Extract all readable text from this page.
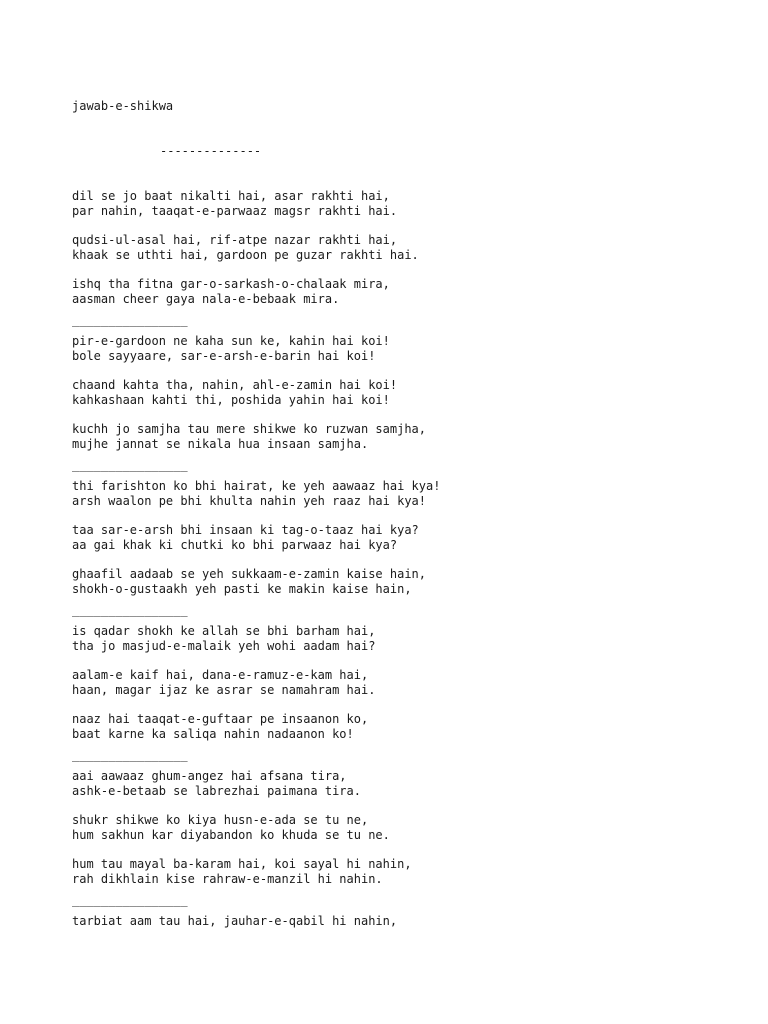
jawab-e-shikwa

--------------

dil se jo baat nikalti hai, asar rakhti hai,
par nahin, taaqat-e-parwaaz magsr rakhti hai.
qudsi-ul-asal hai, rif-atpe nazar rakhti hai,
khaak se uthti hai, gardoon pe guzar rakhti hai.
ishq tha fitna gar-o-sarkash-o-chalaak mira,
aasman cheer gaya nala-e-bebaak mira.
________________
pir-e-gardoon ne kaha sun ke, kahin hai koi!
bole sayyaare, sar-e-arsh-e-barin hai koi!
chaand kahta tha, nahin, ahl-e-zamin hai koi!
kahkashaan kahti thi, poshida yahin hai koi!
kuchh jo samjha tau mere shikwe ko ruzwan samjha,
mujhe jannat se nikala hua insaan samjha.
________________
thi farishton ko bhi hairat, ke yeh aawaaz hai kya!
arsh waalon pe bhi khulta nahin yeh raaz hai kya!
taa sar-e-arsh bhi insaan ki tag-o-taaz hai kya?
aa gai khak ki chutki ko bhi parwaaz hai kya?
ghaafil aadaab se yeh sukkaam-e-zamin kaise hain,
shokh-o-gustaakh yeh pasti ke makin kaise hain,
________________
is qadar shokh ke allah se bhi barham hai,
tha jo masjud-e-malaik yeh wohi aadam hai?
aalam-e kaif hai, dana-e-ramuz-e-kam hai,
haan, magar ijaz ke asrar se namahram hai.
naaz hai taaqat-e-guftaar pe insaanon ko,
baat karne ka saliqa nahin nadaanon ko!
________________
aai aawaaz ghum-angez hai afsana tira,
ashk-e-betaab se labrezhai paimana tira.
shukr shikwe ko kiya husn-e-ada se tu ne,
hum sakhun kar diyabandon ko khuda se tu ne.
hum tau mayal ba-karam hai, koi sayal hi nahin,
rah dikhlain kise rahraw-e-manzil hi nahin.
________________
tarbiat aam tau hai, jauhar-e-qabil hi nahin,
